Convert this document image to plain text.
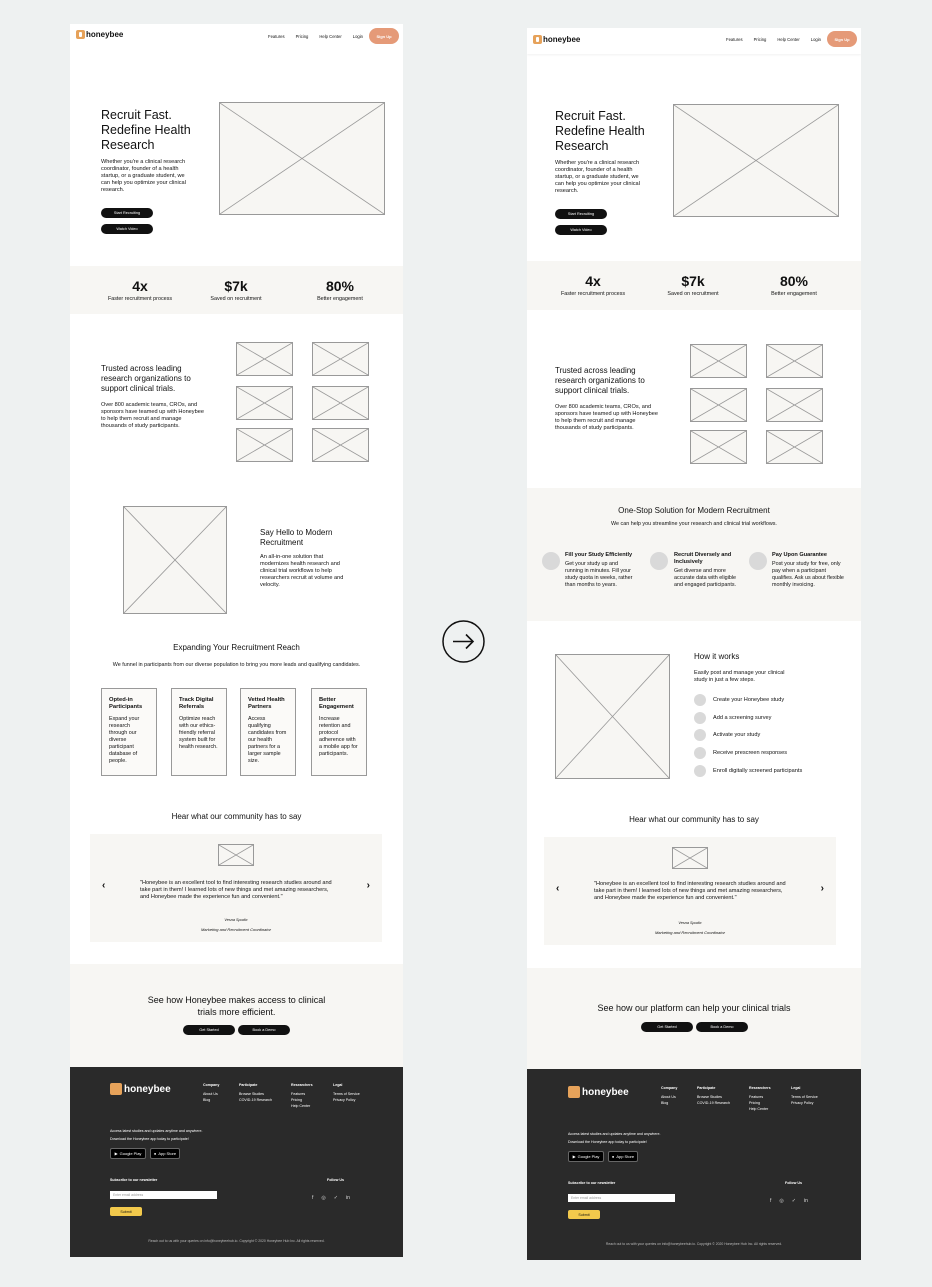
honeybee	Features	Pricing	Help Center	Login	Sign Up
Recruit Fast.
Redefine Health
Research
Whether you're a clinical research coordinator, founder of a health startup, or a graduate student, we can help you optimize your clinical research.
Start Recruiting
Watch Video
4x
Faster recruitment process
$7k
Saved on recruitment
80%
Better engagement
Trusted across leading research organizations to support clinical trials.
Over 800 academic teams, CROs, and sponsors have teamed up with Honeybee to help them recruit and manage thousands of study participants.
Say Hello to Modern Recruitment
An all-in-one solution that modernizes health research and clinical trial workflows to help researchers recruit at volume and velocity.
Expanding Your Recruitment Reach
We funnel in participants from our diverse population to bring you more leads and qualifying candidates.
Opted-in Participants
Expand your research through our diverse participant database of people.
Track Digital Referrals
Optimize reach with our ethics-friendly referral system built for health research.
Vetted Health Partners
Access qualifying candidates from our health partners for a larger sample size.
Better Engagement
Increase retention and protocol adherence with a mobile app for participants.
Hear what our community has to say
‹	›
"Honeybee is an excellent tool to find interesting research studies around and take part in them! I learned lots of new things and met amazing researchers, and Honeybee made the experience fun and convenient."
Vesna Spudic
Marketing and Recruitment Coordinator
See how Honeybee makes access to clinical trials more efficient.
Get Started	Book a Demo
honeybee	Company
About Us
Blog
Participate
Browse Studies
COVID-19 Research
Researchers
Features
Pricing
Help Center
Legal
Terms of Service
Privacy Policy
Access latest studies and updates anytime and anywhere.
Download the Honeybee app today to participate!
▶ Google Play	● App Store
Subscribe to our newsletter
Enter email address
Submit
Follow Us
f ◎ ✓ in
Reach out to us with your queries on info@honeybeehub.io. Copyright © 2020 Honeybee Hub Inc. All rights reserved.
honeybee	Features	Pricing	Help Center	Login	Sign Up
Recruit Fast.
Redefine Health
Research
Whether you're a clinical research coordinator, founder of a health startup, or a graduate student, we can help you optimize your clinical research.
Start Recruiting
Watch Video
4x
Faster recruitment process
$7k
Saved on recruitment
80%
Better engagement
Trusted across leading research organizations to support clinical trials.
Over 800 academic teams, CROs, and sponsors have teamed up with Honeybee to help them recruit and manage thousands of study participants.
One-Stop Solution for Modern Recruitment
We can help you streamline your research and clinical trial workflows.
Fill your Study Efficiently
Get your study up and running in minutes. Fill your study quota in weeks, rather than months to years.
Recruit Diversely and Inclusively
Get diverse and more accurate data with eligible and engaged participants.
Pay Upon Guarantee
Post your study for free, only pay when a participant qualifies. Ask us about flexible monthly invoicing.
How it works
Easily post and manage your clinical study in just a few steps.
Create your Honeybee study
Add a screening survey
Activate your study
Receive prescreen responses
Enroll digitally screened participants
Hear what our community has to say
‹	›
"Honeybee is an excellent tool to find interesting research studies around and take part in them! I learned lots of new things and met amazing researchers, and Honeybee made the experience fun and convenient."
Vesna Spudic
Marketing and Recruitment Coordinator
See how our platform can help your clinical trials
Get Started	Book a Demo
honeybee	Company
About Us
Blog
Participate
Browse Studies
COVID-19 Research
Researchers
Features
Pricing
Help Center
Legal
Terms of Service
Privacy Policy
Access latest studies and updates anytime and anywhere.
Download the Honeybee app today to participate!
▶ Google Play	● App Store
Subscribe to our newsletter
Enter email address
Submit
Follow Us
f ◎ ✓ in
Reach out to us with your queries on info@honeybeehub.io. Copyright © 2020 Honeybee Hub Inc. All rights reserved.
